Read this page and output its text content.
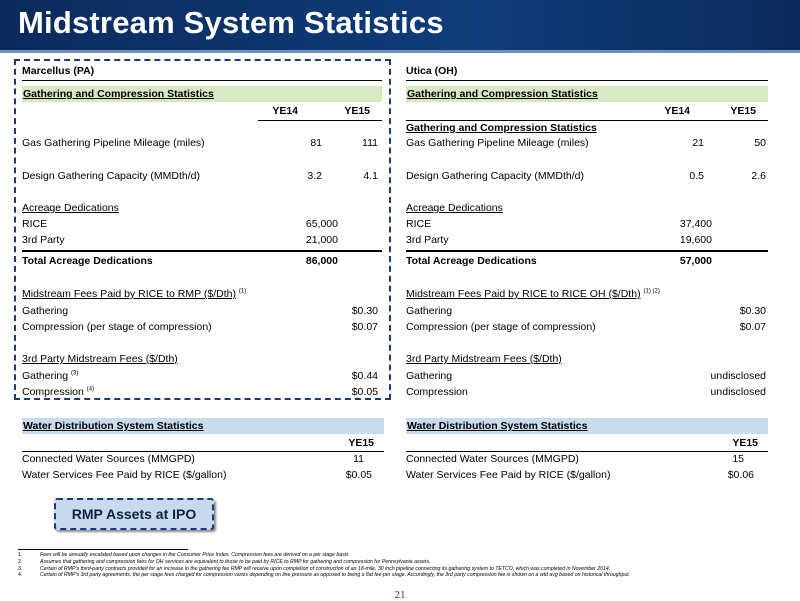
Midstream System Statistics
Marcellus (PA)
Gathering and Compression Statistics
YE14	YE15
Gas Gathering Pipeline Mileage (miles)	81	111
Design Gathering Capacity (MMDth/d)	3.2	4.1
Acreage Dedications
RICE	65,000
3rd Party	21,000
Total Acreage Dedications	86,000
Midstream Fees Paid by RICE to RMP ($/Dth) $^{(1)}$
Gathering	$0.30
Compression (per stage of compression)	$0.07
3rd Party Midstream Fees ($/Dth)
Gathering $^{(3)}$	$0.44
Compression $^{(4)}$	$0.05
Utica (OH)
Gathering and Compression Statistics
YE14	YE15
Gathering and Compression Statistics
Gas Gathering Pipeline Mileage (miles)	21	50
Design Gathering Capacity (MMDth/d)	0.5	2.6
Acreage Dedications
RICE	37,400
3rd Party	19,600
Total Acreage Dedications	57,000
Midstream Fees Paid by RICE to RICE OH ($/Dth) $^{(1) (2)}$
Gathering	$0.30
Compression (per stage of compression)	$0.07
3rd Party Midstream Fees ($/Dth)
Gathering	undisclosed
Compression	undisclosed
Water Distribution System Statistics
YE15
Connected Water Sources (MMGPD)	11
Water Services Fee Paid by RICE ($/gallon)	$0.05
Water Distribution System Statistics
YE15
Connected Water Sources (MMGPD)	15
Water Services Fee Paid by RICE ($/gallon)	$0.06
RMP Assets at IPO
1.	Fees will be annually escalated based upon changes in the Consumer Price Index. Compression fees are derived on a per stage basis
2.	Assumes that gathering and compression fees for OH services are equivalent to those to be paid by RICE to RMP for gathering and compression for Pennsylvania assets.
3.	Certain of RMP's third-party contracts provided for an increase in the gathering fee RMP will receive upon completion of construction of an 18-mile, 30 inch pipeline connecting its gathering system to TETCO, which was completed in November 2014.
4.	Certain of RMP's 3rd party agreements, the per stage fees charged for compression varies depending on line pressure as opposed to being a flat fee per stage. Accordingly, the 3rd party compression fee is shown on a wtd avg based on historical throughput.
21
